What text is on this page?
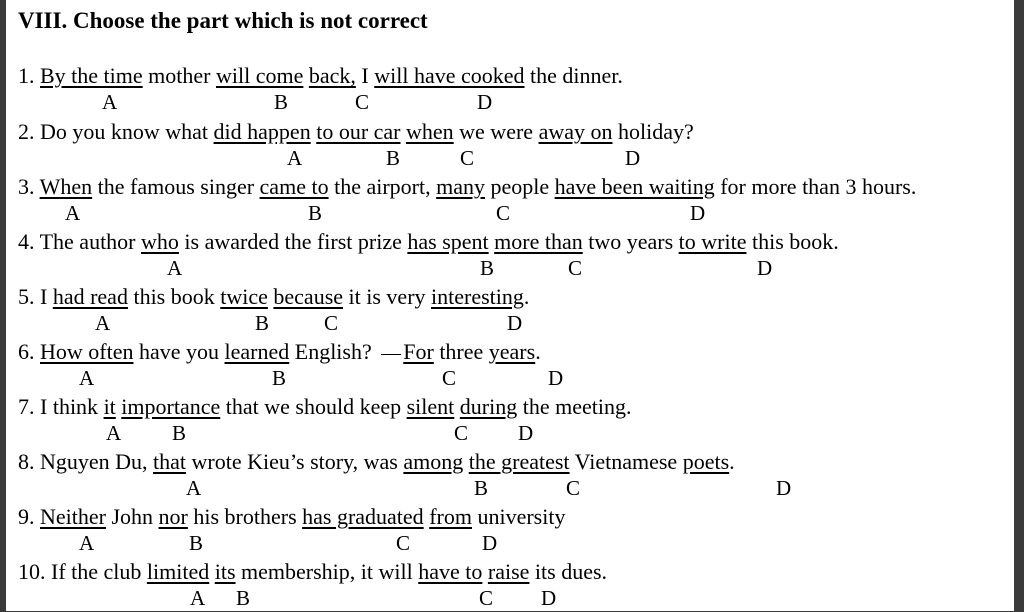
VIII. Choose the part which is not correct
1. By the time mother will come back, I will have cooked the dinner.
A	B	C	D
2. Do you know what did happen to our car when we were away on holiday?
A	B	C	D
3. When the famous singer came to the airport, many people have been waiting for more than 3 hours.
A	B	C	D
4. The author who is awarded the first prize has spent more than two years to write this book.
A	B	C	D
5. I had read this book twice because it is very interesting.
A	B	C	D
6. How often have you learned English? For three years.
A	B	C	D
7. I think it importance that we should keep silent during the meeting.
A B	C D
8. Nguyen Du, that wrote Kieu’s story, was among the greatest Vietnamese poets.
A	B	C	D
9. Neither John nor his brothers has graduated from university
A	B	C	D
10. If the club limited its membership, it will have to raise its dues.
A B	C D
